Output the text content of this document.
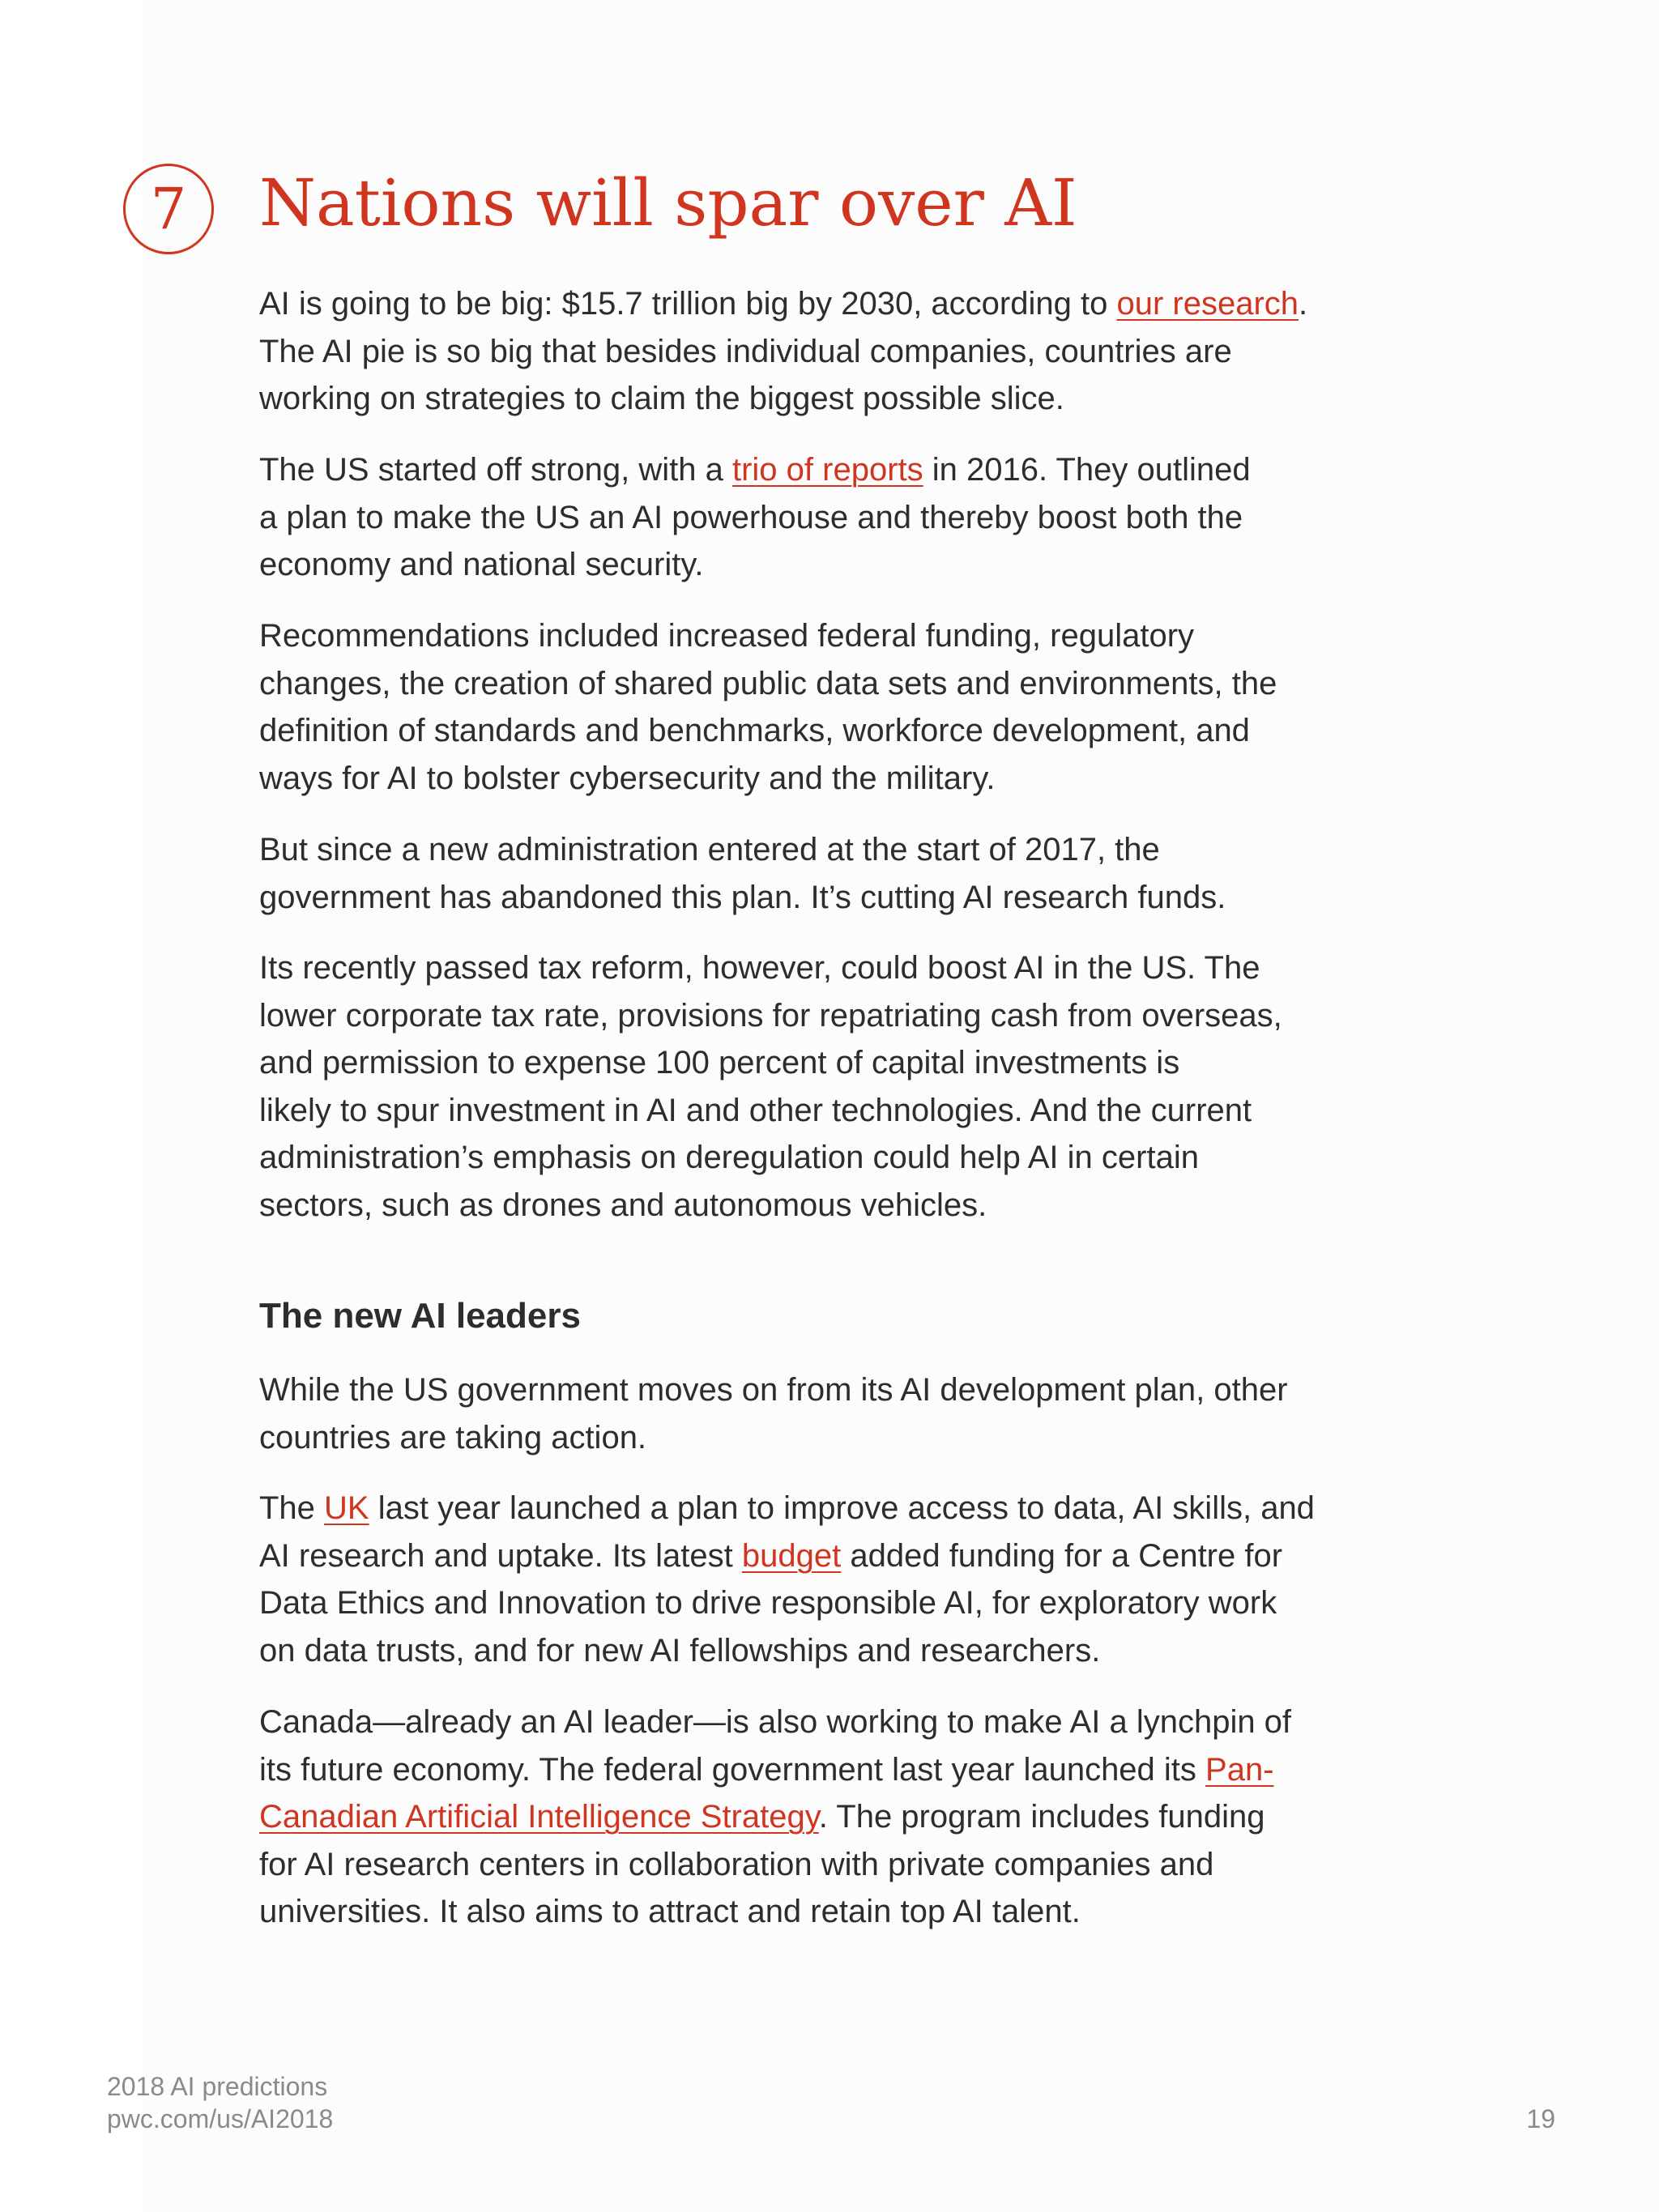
7 Nations will spar over AI

AI is going to be big: $15.7 trillion big by 2030, according to our research.
The AI pie is so big that besides individual companies, countries are
working on strategies to claim the biggest possible slice.

The US started off strong, with a trio of reports in 2016. They outlined
a plan to make the US an AI powerhouse and thereby boost both the
economy and national security.

Recommendations included increased federal funding, regulatory
changes, the creation of shared public data sets and environments, the
definition of standards and benchmarks, workforce development, and
ways for AI to bolster cybersecurity and the military.

But since a new administration entered at the start of 2017, the
government has abandoned this plan. It’s cutting AI research funds.

Its recently passed tax reform, however, could boost AI in the US. The
lower corporate tax rate, provisions for repatriating cash from overseas,
and permission to expense 100 percent of capital investments is
likely to spur investment in AI and other technologies. And the current
administration’s emphasis on deregulation could help AI in certain
sectors, such as drones and autonomous vehicles.

The new AI leaders

While the US government moves on from its AI development plan, other
countries are taking action.

The UK last year launched a plan to improve access to data, AI skills, and
AI research and uptake. Its latest budget added funding for a Centre for
Data Ethics and Innovation to drive responsible AI, for exploratory work
on data trusts, and for new AI fellowships and researchers.

Canada—already an AI leader—is also working to make AI a lynchpin of
its future economy. The federal government last year launched its Pan-
Canadian Artificial Intelligence Strategy. The program includes funding
for AI research centers in collaboration with private companies and
universities. It also aims to attract and retain top AI talent.

2018 AI predictions
pwc.com/us/AI2018	19
